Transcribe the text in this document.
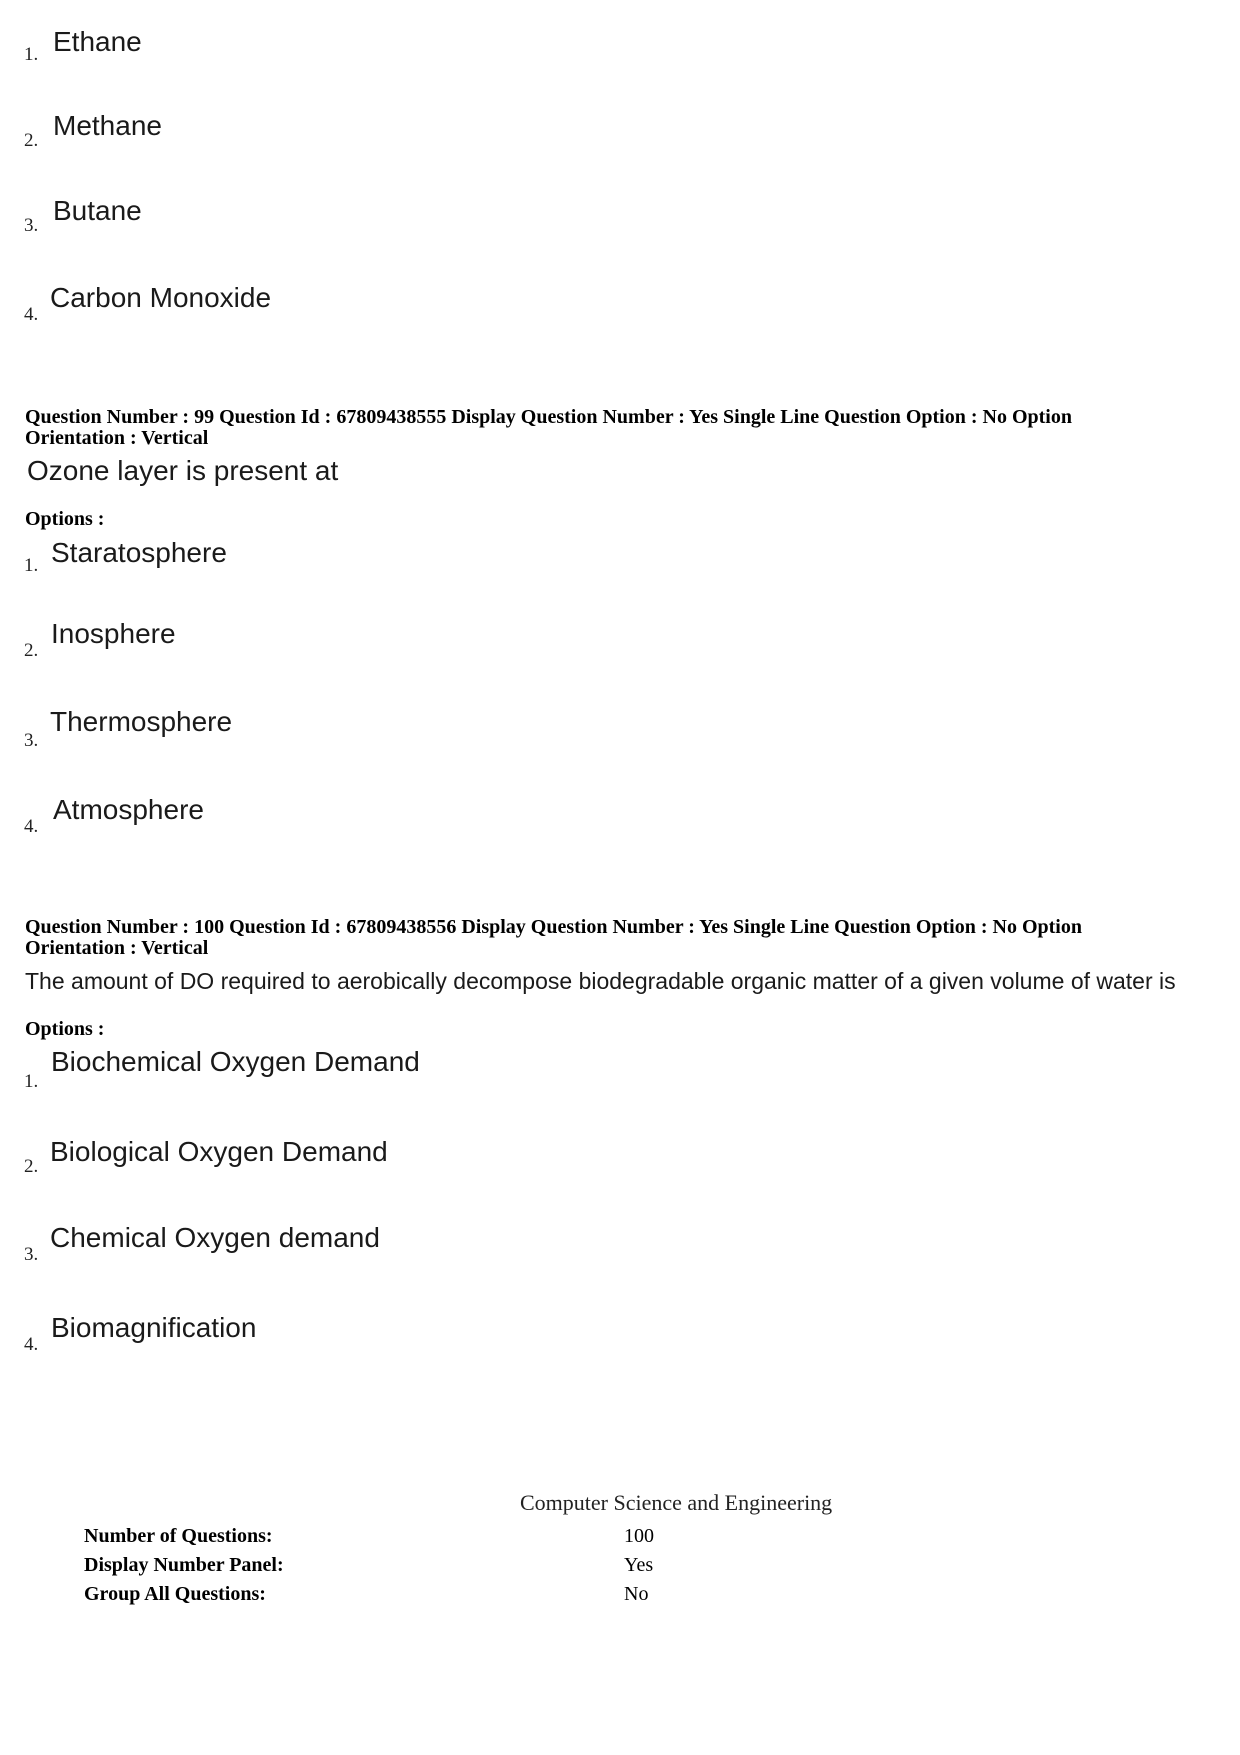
1. Ethane
2. Methane
3. Butane
4.
Carbon Monoxide
Question Number : 99 Question Id : 67809438555 Display Question Number : Yes Single Line Question Option : No Option
Orientation : Vertical
Ozone layer is present at
Options :
1. Staratosphere
2.
Inosphere
3.
Thermosphere
4.
Atmosphere
Question Number : 100 Question Id : 67809438556 Display Question Number : Yes Single Line Question Option : No Option
Orientation : Vertical
The amount of DO required to aerobically decompose biodegradable organic matter of a given volume of water is
Options :
1.
Biochemical Oxygen Demand
2. Biological Oxygen Demand
3.
Chemical Oxygen demand
4.
Biomagnification
Computer Science and Engineering
Number of Questions:	100
Display Number Panel:	Yes
Group All Questions:	No
